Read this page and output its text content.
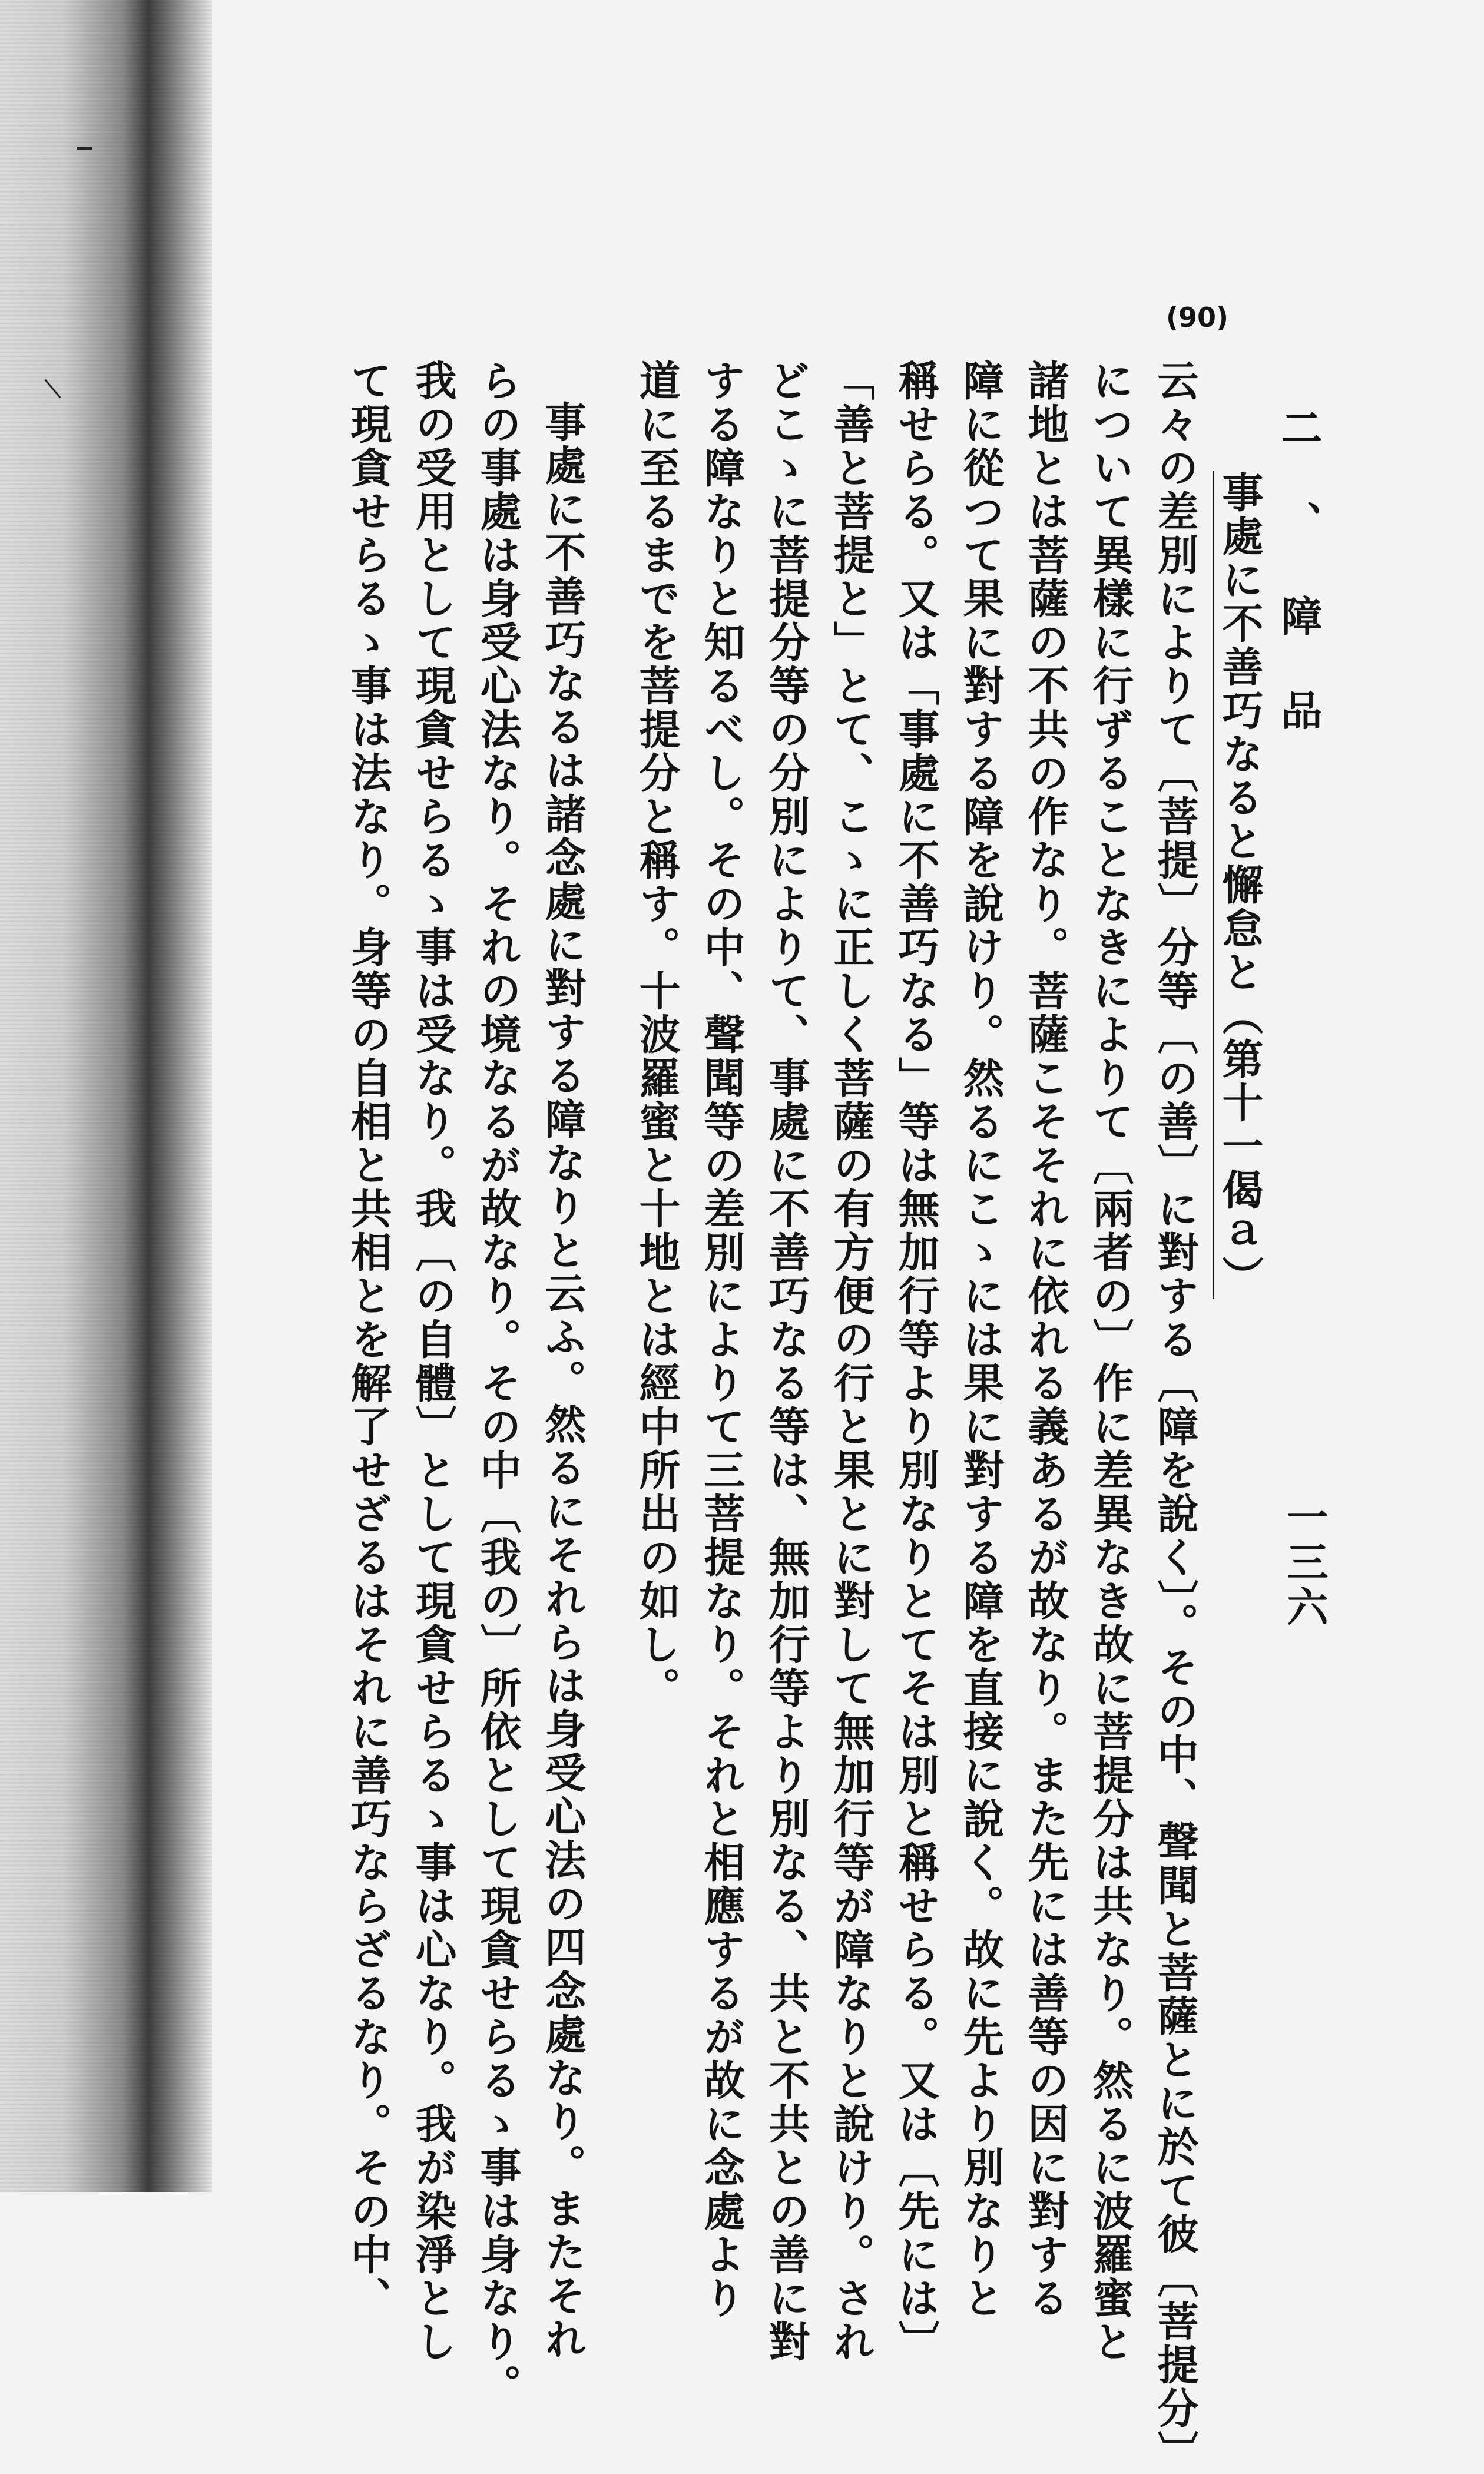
(90)
二、障品
一三六
事處に不善巧なると懈怠と（第十一偈ａ）
云々の差別によりて〔菩提〕分等〔の善〕に對する〔障を說く〕。その中、聲聞と菩薩とに於て彼〔菩提分〕
について異樣に行ずることなきによりて〔兩者の〕作に差異なき故に菩提分は共なり。然るに波羅蜜と
諸地とは菩薩の不共の作なり。菩薩こそそれに依れる義あるが故なり。また先には善等の因に對する
障に從つて果に對する障を說けり。然るにこゝには果に對する障を直接に說く。故に先より別なりと
稱せらる。又は「事處に不善巧なる」等は無加行等より別なりとてそは別と稱せらる。又は〔先には〕
「善と菩提と」とて、こゝに正しく菩薩の有方便の行と果とに對して無加行等が障なりと說けり。され
どこゝに菩提分等の分別によりて、事處に不善巧なる等は、無加行等より別なる、共と不共との善に對
する障なりと知るべし。その中、聲聞等の差別によりて三菩提なり。それと相應するが故に念處より
道に至るまでを菩提分と稱す。十波羅蜜と十地とは經中所出の如し。
事處に不善巧なるは諸念處に對する障なりと云ふ。然るにそれらは身受心法の四念處なり。またそれ
らの事處は身受心法なり。それの境なるが故なり。その中〔我の〕所依として現貪せらるゝ事は身なり。
我の受用として現貪せらるゝ事は受なり。我〔の自體〕として現貪せらるゝ事は心なり。我が染淨とし
て現貪せらるゝ事は法なり。身等の自相と共相とを解了せざるはそれに善巧ならざるなり。その中、
